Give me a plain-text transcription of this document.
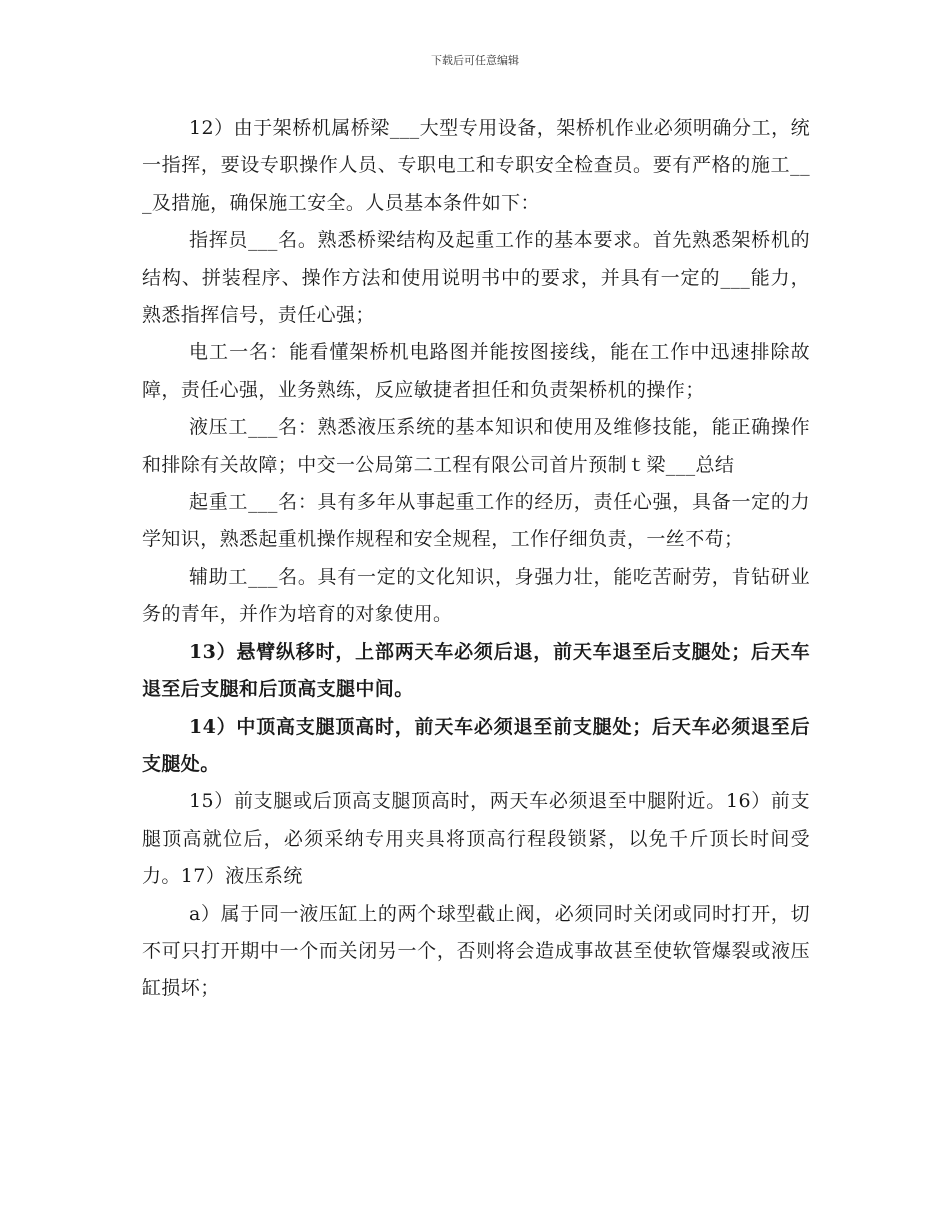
下载后可任意编辑

12）由于架桥机属桥梁___大型专用设备，架桥机作业必须明确分工，统一指挥，要设专职操作人员、专职电工和专职安全检查员。要有严格的施工___及措施，确保施工安全。人员基本条件如下：

指挥员___名。熟悉桥梁结构及起重工作的基本要求。首先熟悉架桥机的结构、拼装程序、操作方法和使用说明书中的要求，并具有一定的___能力，熟悉指挥信号，责任心强；

电工一名：能看懂架桥机电路图并能按图接线，能在工作中迅速排除故障，责任心强，业务熟练，反应敏捷者担任和负责架桥机的操作；

液压工___名：熟悉液压系统的基本知识和使用及维修技能，能正确操作和排除有关故障；中交一公局第二工程有限公司首片预制ｔ梁___总结

起重工___名：具有多年从事起重工作的经历，责任心强，具备一定的力学知识，熟悉起重机操作规程和安全规程，工作仔细负责，一丝不苟；

辅助工___名。具有一定的文化知识，身强力壮，能吃苦耐劳，肯钻研业务的青年，并作为培育的对象使用。

13）悬臂纵移时，上部两天车必须后退，前天车退至后支腿处；后天车退至后支腿和后顶高支腿中间。

14）中顶高支腿顶高时，前天车必须退至前支腿处；后天车必须退至后支腿处。

15）前支腿或后顶高支腿顶高时，两天车必须退至中腿附近。16）前支腿顶高就位后，必须采纳专用夹具将顶高行程段锁紧，以免千斤顶长时间受力。17）液压系统

a）属于同一液压缸上的两个球型截止阀，必须同时关闭或同时打开，切不可只打开期中一个而关闭另一个，否则将会造成事故甚至使软管爆裂或液压缸损坏；
